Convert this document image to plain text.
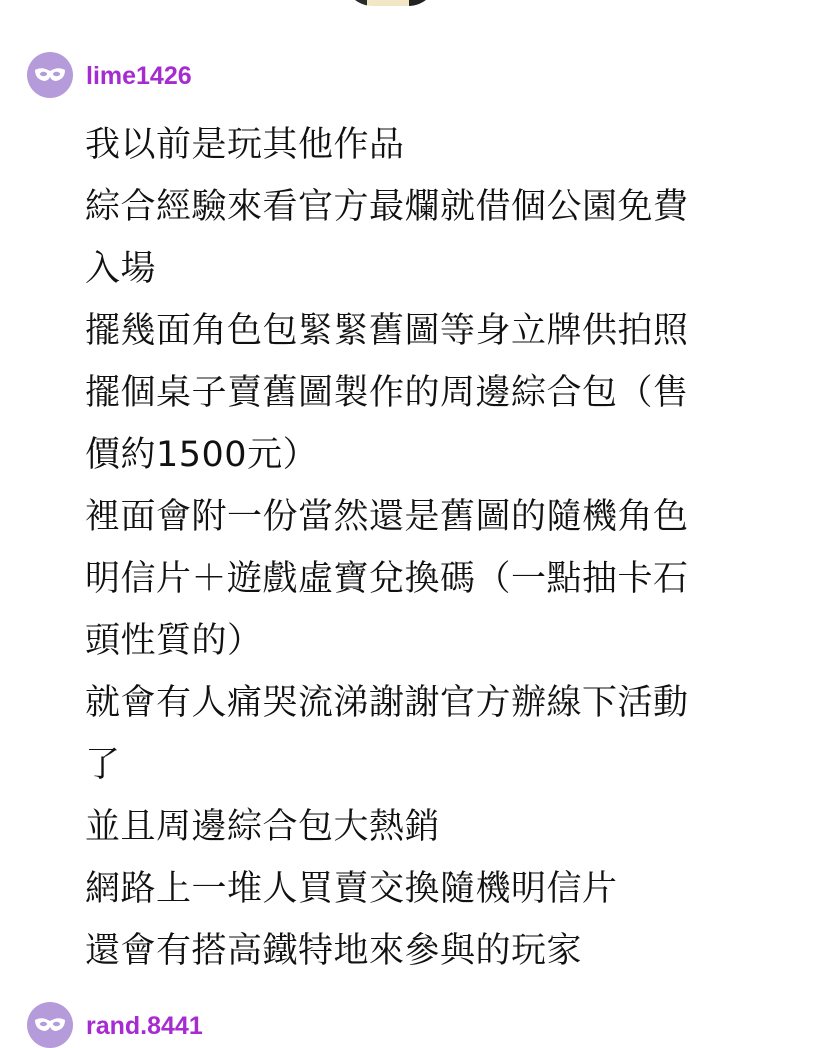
lime1426
我以前是玩其他作品
綜合經驗來看官方最爛就借個公園免費
入場
擺幾面角色包緊緊舊圖等身立牌供拍照
擺個桌子賣舊圖製作的周邊綜合包（售
價約1500元）
裡面會附一份當然還是舊圖的隨機角色
明信片＋遊戲虛寶兌換碼（一點抽卡石
頭性質的）
就會有人痛哭流涕謝謝官方辦線下活動
了
並且周邊綜合包大熱銷
網路上一堆人買賣交換隨機明信片
還會有搭高鐵特地來參與的玩家
rand.8441
